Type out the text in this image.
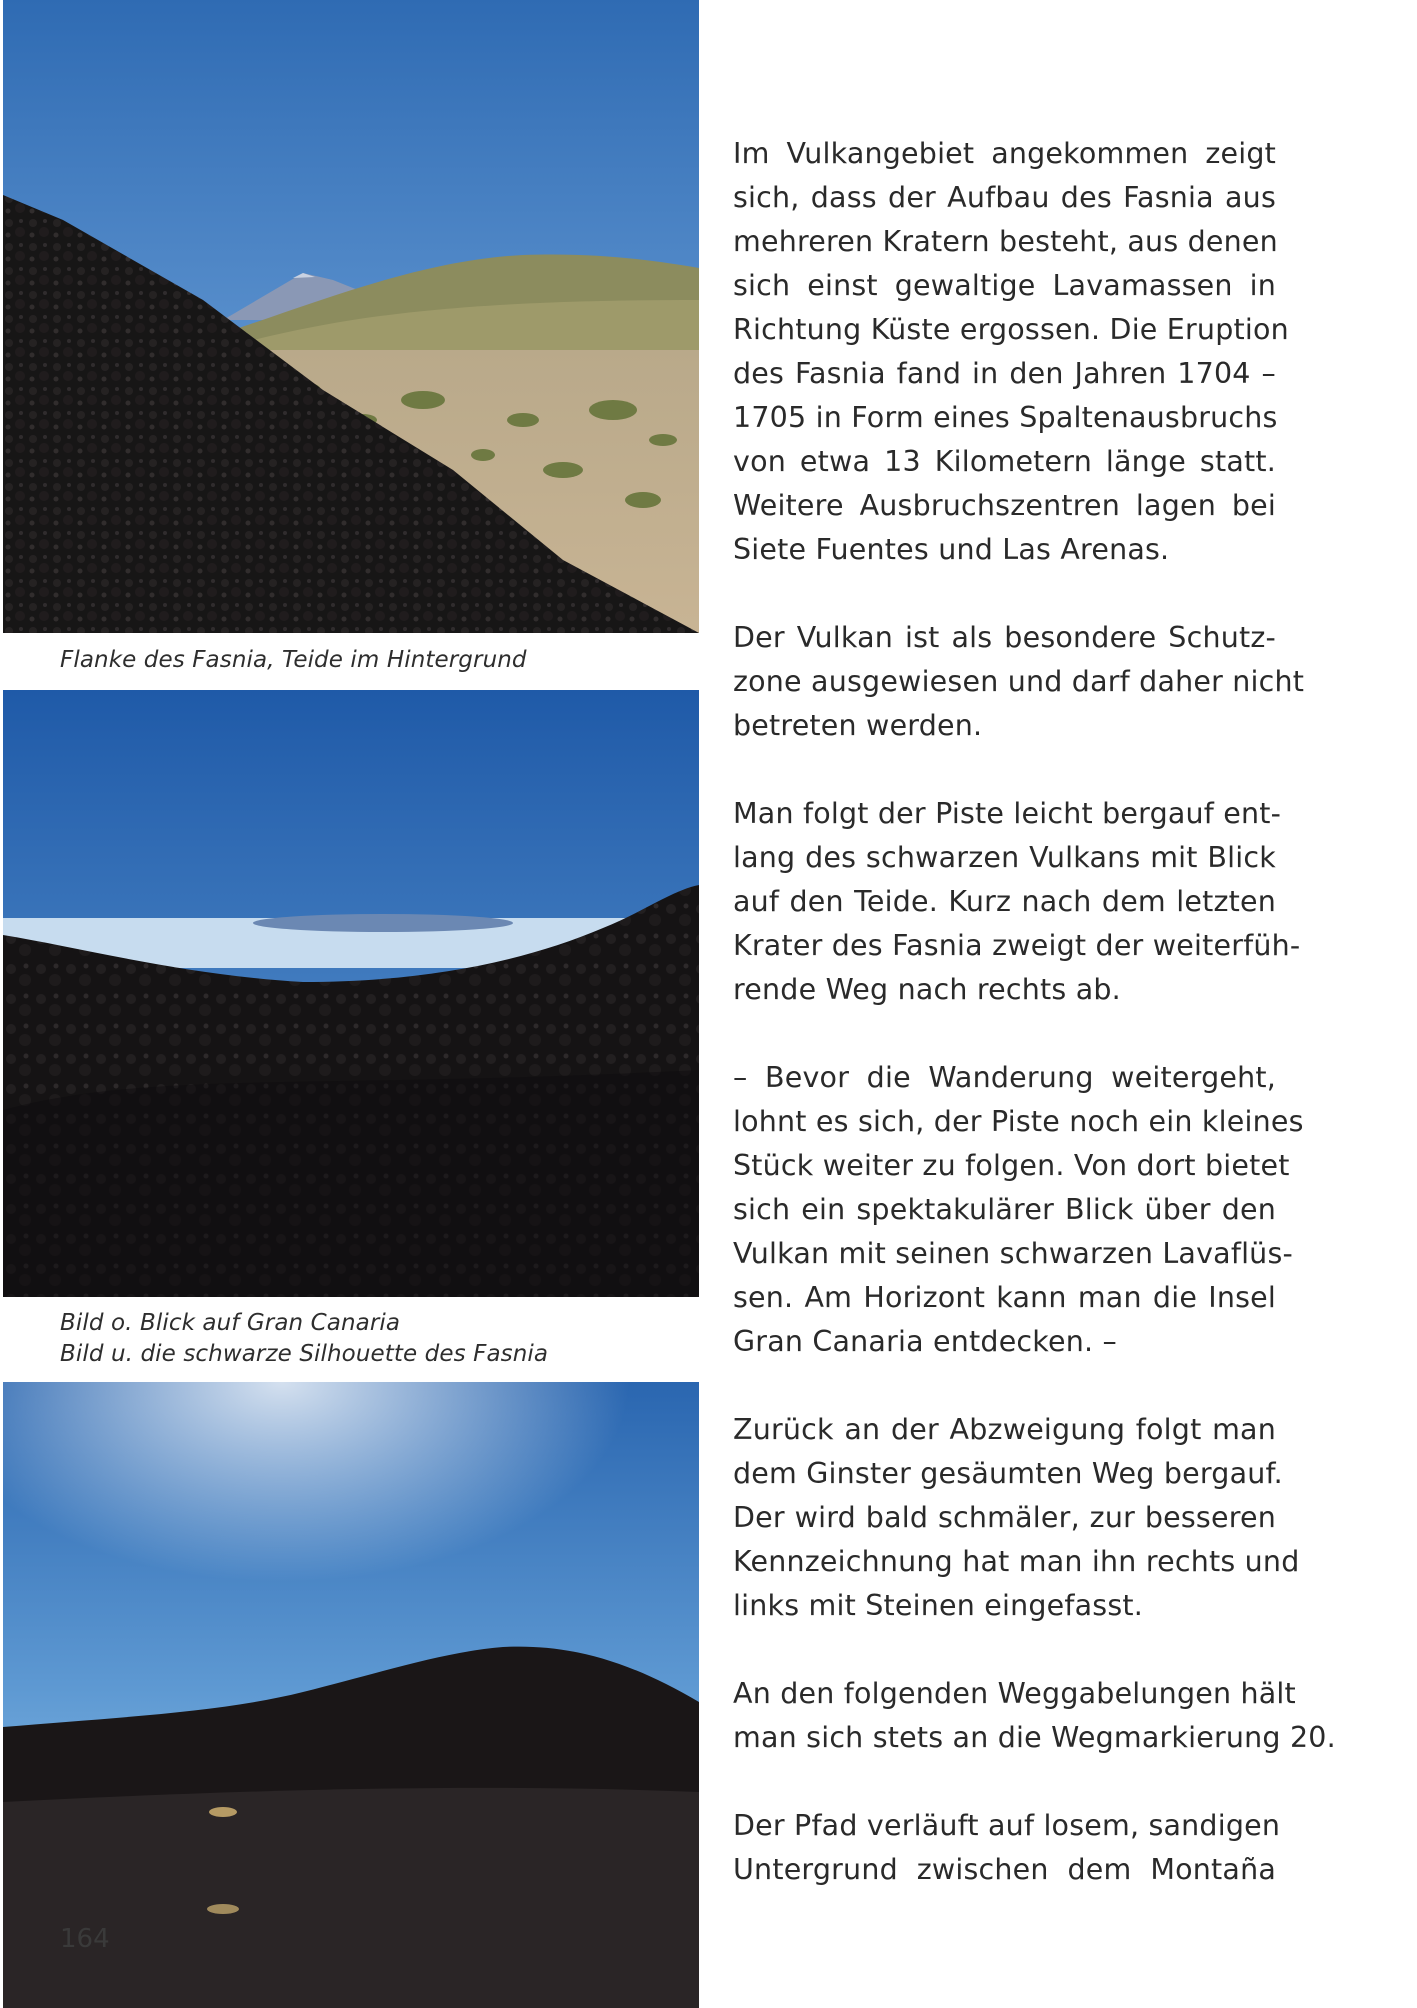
Flanke des Fasnia, Teide im Hintergrund
Bild o. Blick auf Gran Canaria
Bild u. die schwarze Silhouette des Fasnia
Im Vulkangebiet angekommen zeigt
sich, dass der Aufbau des Fasnia aus
mehreren Kratern besteht, aus denen
sich einst gewaltige Lavamassen in
Richtung Küste ergossen. Die Eruption
des Fasnia fand in den Jahren 1704 –
1705 in Form eines Spaltenausbruchs
von etwa 13 Kilometern länge statt.
Weitere Ausbruchszentren lagen bei
Siete Fuentes und Las Arenas.
Der Vulkan ist als besondere Schutz-
zone ausgewiesen und darf daher nicht
betreten werden.
Man folgt der Piste leicht bergauf ent-
lang des schwarzen Vulkans mit Blick
auf den Teide. Kurz nach dem letzten
Krater des Fasnia zweigt der weiterfüh-
rende Weg nach rechts ab.
– Bevor die Wanderung weitergeht,
lohnt es sich, der Piste noch ein kleines
Stück weiter zu folgen. Von dort bietet
sich ein spektakulärer Blick über den
Vulkan mit seinen schwarzen Lavaflüs-
sen. Am Horizont kann man die Insel
Gran Canaria entdecken. –
Zurück an der Abzweigung folgt man
dem Ginster gesäumten Weg bergauf.
Der wird bald schmäler, zur besseren
Kennzeichnung hat man ihn rechts und
links mit Steinen eingefasst.
An den folgenden Weggabelungen hält
man sich stets an die Wegmarkierung 20.
Der Pfad verläuft auf losem, sandigen
Untergrund zwischen dem Montaña
164
